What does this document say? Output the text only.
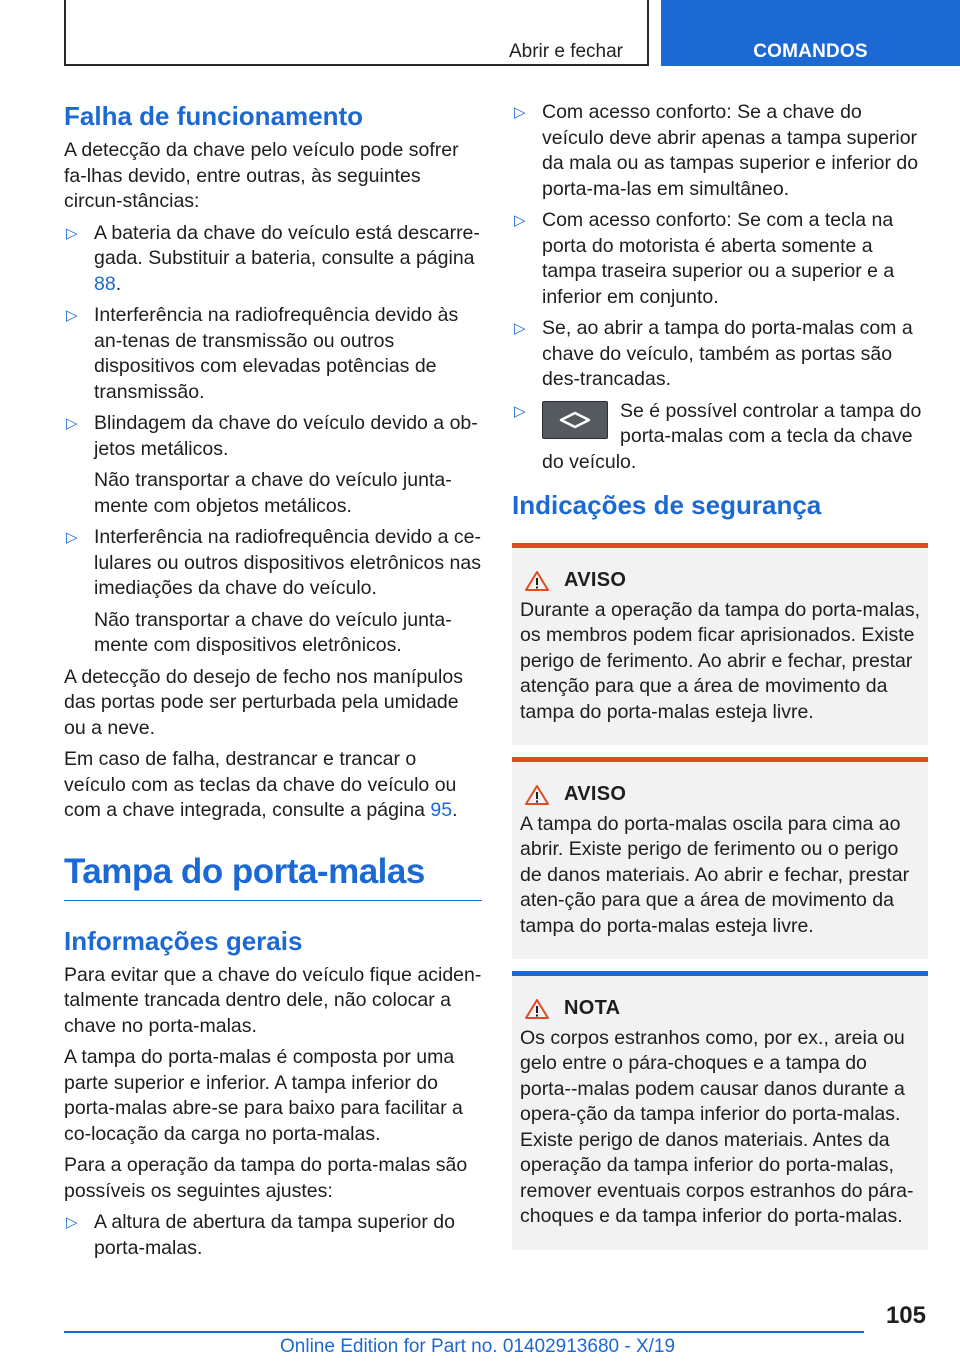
Abrir e fechar	COMANDOS
Falha de funcionamento
A detecção da chave pelo veículo pode sofrer fa-lhas devido, entre outras, às seguintes circun-stâncias:
▷ A bateria da chave do veículo está descarre-gada. Substituir a bateria, consulte a página 88.
▷ Interferência na radiofrequência devido às an-tenas de transmissão ou outros dispositivos com elevadas potências de transmissão.
▷ Blindagem da chave do veículo devido a ob-jetos metálicos.
Não transportar a chave do veículo junta-mente com objetos metálicos.
▷ Interferência na radiofrequência devido a ce-lulares ou outros dispositivos eletrônicos nas imediações da chave do veículo.
Não transportar a chave do veículo junta-mente com dispositivos eletrônicos.
A detecção do desejo de fecho nos manípulos das portas pode ser perturbada pela umidade ou a neve.
Em caso de falha, destrancar e trancar o veículo com as teclas da chave do veículo ou com a chave integrada, consulte a página 95.
Tampa do porta-malas
Informações gerais
Para evitar que a chave do veículo fique aciden-talmente trancada dentro dele, não colocar a chave no porta-malas.
A tampa do porta-malas é composta por uma parte superior e inferior. A tampa inferior do porta-malas abre-se para baixo para facilitar a co-locação da carga no porta-malas.
Para a operação da tampa do porta-malas são possíveis os seguintes ajustes:
▷ A altura de abertura da tampa superior do porta-malas.
▷ Com acesso conforto: Se a chave do veículo deve abrir apenas a tampa superior da mala ou as tampas superior e inferior do porta-ma-las em simultâneo.
▷ Com acesso conforto: Se com a tecla na porta do motorista é aberta somente a tampa traseira superior ou a superior e a inferior em conjunto.
▷ Se, ao abrir a tampa do porta-malas com a chave do veículo, também as portas são des-trancadas.
▷	Se é possível controlar a tampa do porta-malas com a tecla da chave do veículo.
Indicações de segurança
AVISO
Durante a operação da tampa do porta-malas, os membros podem ficar aprisionados. Existe perigo de ferimento. Ao abrir e fechar, prestar atenção para que a área de movimento da tampa do porta-malas esteja livre.
AVISO
A tampa do porta-malas oscila para cima ao abrir. Existe perigo de ferimento ou o perigo de danos materiais. Ao abrir e fechar, prestar aten-ção para que a área de movimento da tampa do porta-malas esteja livre.
NOTA
Os corpos estranhos como, por ex., areia ou gelo entre o pára-choques e a tampa do porta--malas podem causar danos durante a opera-ção da tampa inferior do porta-malas. Existe perigo de danos materiais. Antes da operação da tampa inferior do porta-malas, remover eventuais corpos estranhos do pára-choques e da tampa inferior do porta-malas.
105
Online Edition for Part no. 01402913680 - X/19
